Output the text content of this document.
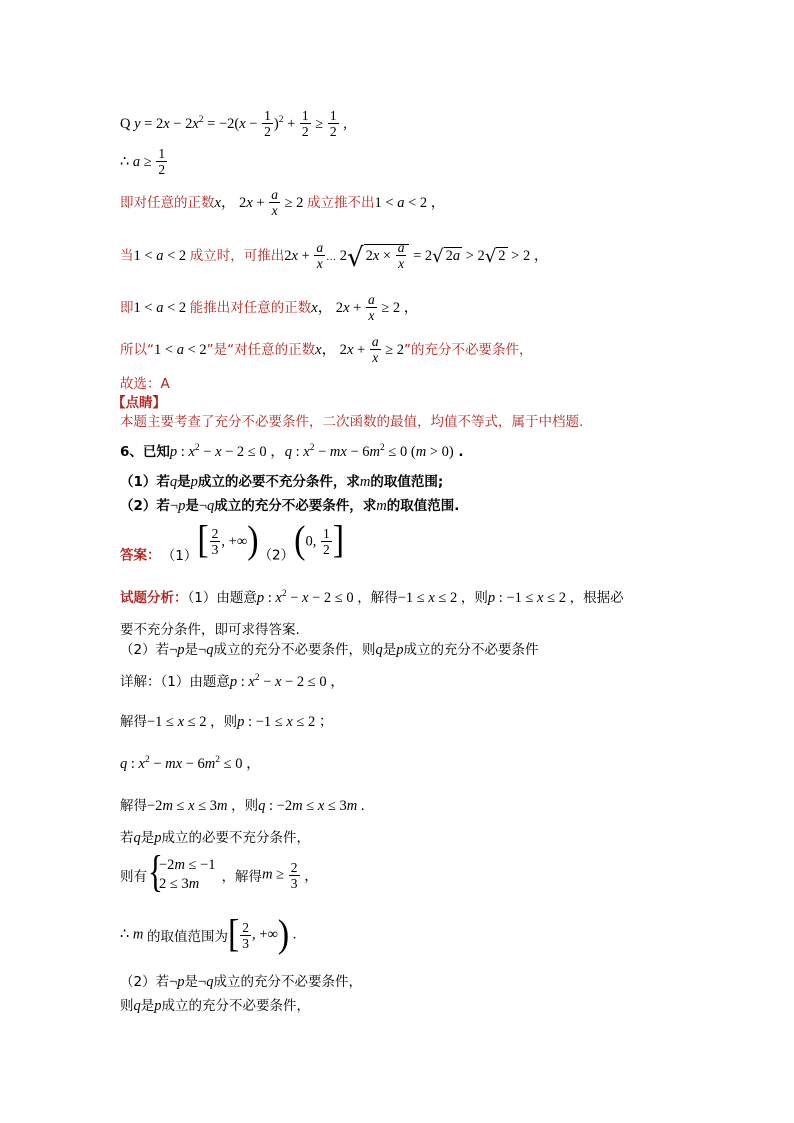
Q $y = 2x - 2x^2 = -2(x - \frac{1}{2} )^2 + \frac{1}{2} \ge \frac{1}{2}$ ,
∴ $a \ge \frac{1}{2}$
即对任意的正数x， $2x + \frac{a}{x} \ge 2$ 成立推不出1 < a < 2 ，
当1 < a < 2 成立时，可推出$2x + \frac{a}{x}$ … 2√ $2x \times \frac{a}{x} = 2√$ 2a > 2√ 2 > 2 ，
即1 < a < 2 能推出对任意的正数x， $2x + \frac{a}{x} \ge 2$ ，
所以“1 < a < 2”是“对任意的正数x， $2x + \frac{a}{x} \ge 2$”的充分不必要条件，
故选：A
【点睛】
本题主要考查了充分不必要条件，二次函数的最值，均值不等式，属于中档题.
6、已知p : $x^2 - x - 2 \le 0$ ，q : $x^2$ − mx − $6m^2 \le 0$ (m > 0) .
（1）若q是p成立的必要不充分条件，求m的取值范围;
（2）若¬p是¬q成立的充分不必要条件，求m的取值范围.
$_{答案:}$ $_{(1)}[ \frac{2}{3}$ , $+\infty)_{(2)}(0$, $\frac{1}{2}$ ]
试题分析：（1）由题意p : $x^2 - x - 2 \le 0$ ，解得−1 ≤ x ≤ 2 ，则p : −1 ≤ x ≤ 2 ，根据必
要不充分条件，即可求得答案.
（2）若¬p是¬q成立的充分不必要条件，则q是p成立的充分不必要条件
详解：（1）由题意p : $x^2 - x - 2 \le 0$ ，
解得−1 ≤ x ≤ 2 ，则p : −1 ≤ x ≤ 2 ；
q : $x^2$ − mx − $6m^2 \le 0$ ，
解得−2m ≤ x ≤ 3m ，则q : −2m ≤ x ≤ 3m .
若q是p成立的必要不充分条件，
则有 {
−2m ≤ −1
2 ≤ 3m	，解得$m \ge \frac{2}{3}$ ，
∴ m 的取值范围为[ $\frac{2}{3}$ , +∞) .
（2）若¬p是¬q成立的充分不必要条件，
则q是p成立的充分不必要条件，
